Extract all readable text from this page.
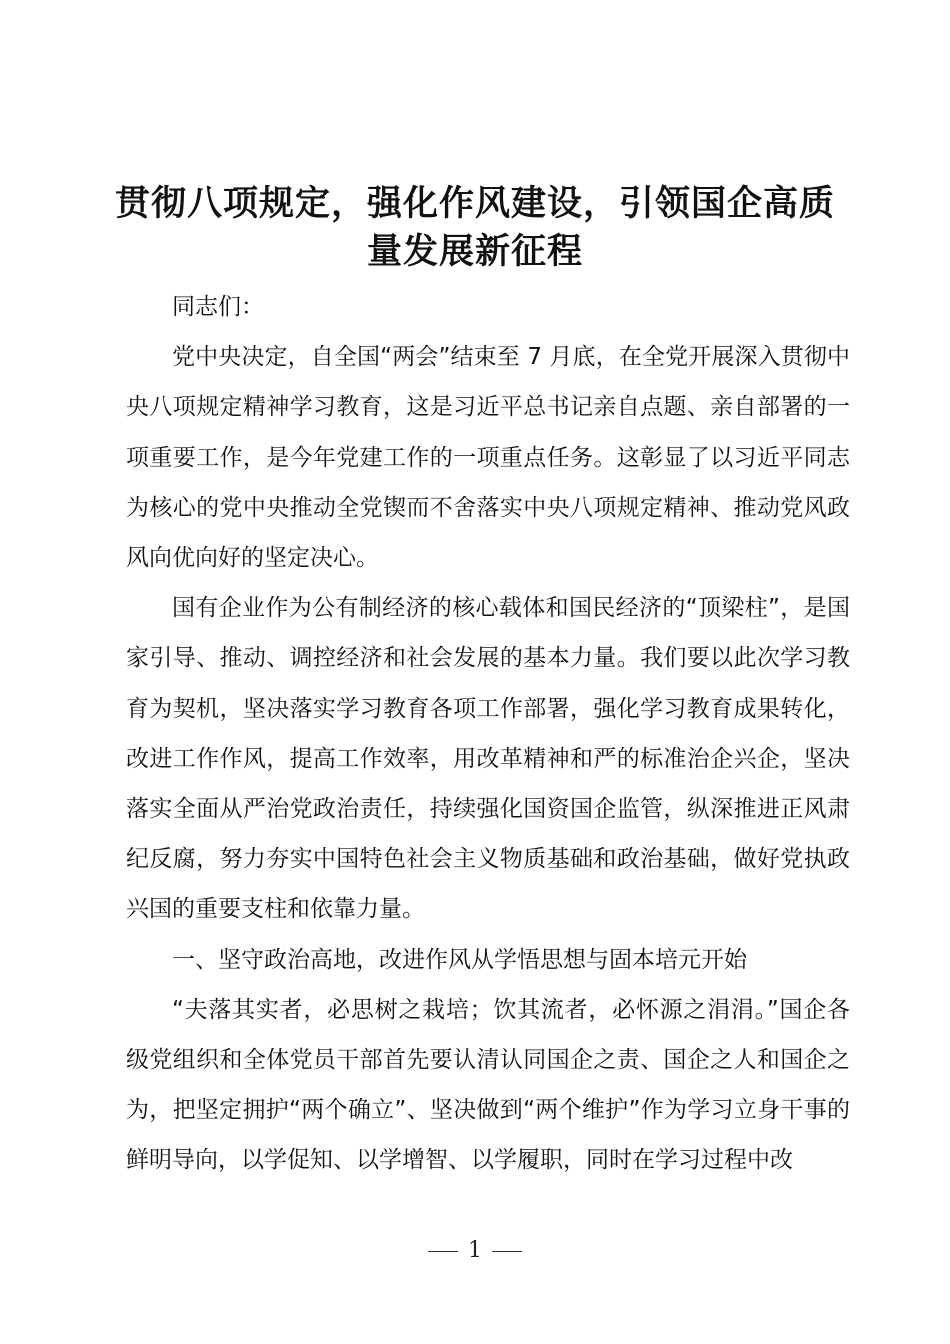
贯彻八项规定，强化作风建设，引领国企高质
量发展新征程

同志们：

党中央决定，自全国“两会”结束至 7 月底，在全党开展深入贯彻中央八项规定精神学习教育，这是习近平总书记亲自点题、亲自部署的一项重要工作，是今年党建工作的一项重点任务。这彰显了以习近平同志为核心的党中央推动全党锲而不舍落实中央八项规定精神、推动党风政风向优向好的坚定决心。

国有企业作为公有制经济的核心载体和国民经济的“顶梁柱”，是国家引导、推动、调控经济和社会发展的基本力量。我们要以此次学习教育为契机，坚决落实学习教育各项工作部署，强化学习教育成果转化，改进工作作风，提高工作效率，用改革精神和严的标准治企兴企，坚决落实全面从严治党政治责任，持续强化国资国企监管，纵深推进正风肃纪反腐，努力夯实中国特色社会主义物质基础和政治基础，做好党执政兴国的重要支柱和依靠力量。

一、坚守政治高地，改进作风从学悟思想与固本培元开始

“夫落其实者，必思树之栽培；饮其流者，必怀源之涓涓。”国企各级党组织和全体党员干部首先要认清认同国企之责、国企之人和国企之为，把坚定拥护“两个确立”、坚决做到“两个维护”作为学习立身干事的鲜明导向，以学促知、以学增智、以学履职，同时在学习过程中改

1
